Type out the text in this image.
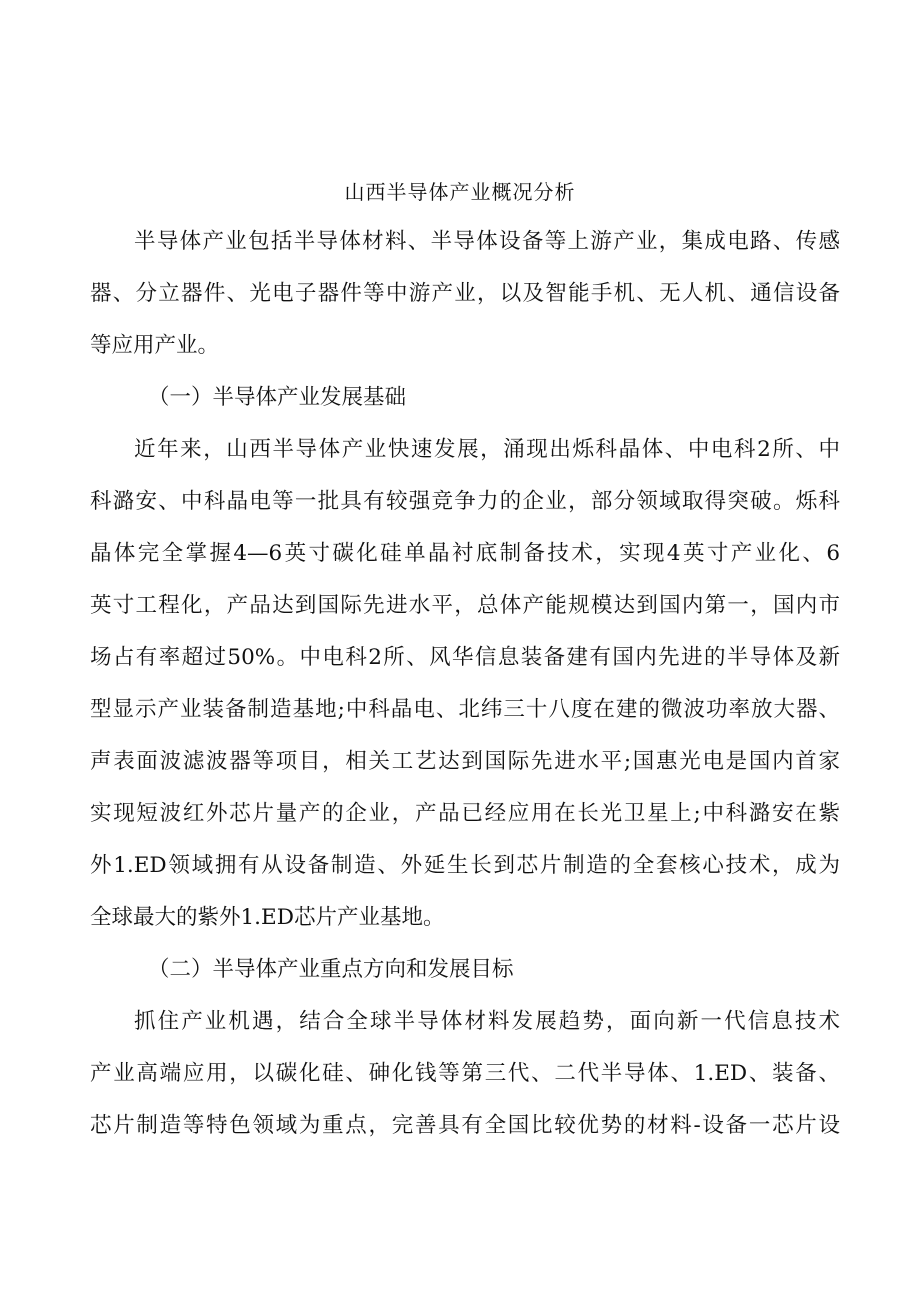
山西半导体产业概况分析
半导体产业包括半导体材料、半导体设备等上游产业，集成电路、传感
器、分立器件、光电子器件等中游产业，以及智能手机、无人机、通信设备
等应用产业。
（一）半导体产业发展基础
近年来，山西半导体产业快速发展，涌现出烁科晶体、中电科2所、中
科潞安、中科晶电等一批具有较强竞争力的企业，部分领域取得突破。烁科
晶体完全掌握4—6英寸碳化硅单晶衬底制备技术，实现4英寸产业化、6
英寸工程化，产品达到国际先进水平，总体产能规模达到国内第一，国内市
场占有率超过50%。中电科2所、风华信息装备建有国内先进的半导体及新
型显示产业装备制造基地;中科晶电、北纬三十八度在建的微波功率放大器、
声表面波滤波器等项目，相关工艺达到国际先进水平;国惠光电是国内首家
实现短波红外芯片量产的企业，产品已经应用在长光卫星上;中科潞安在紫
外1.ED领域拥有从设备制造、外延生长到芯片制造的全套核心技术，成为
全球最大的紫外1.ED芯片产业基地。
（二）半导体产业重点方向和发展目标
抓住产业机遇，结合全球半导体材料发展趋势，面向新一代信息技术
产业高端应用，以碳化硅、砷化钱等第三代、二代半导体、1.ED、装备、
芯片制造等特色领域为重点，完善具有全国比较优势的材料-设备一芯片设
